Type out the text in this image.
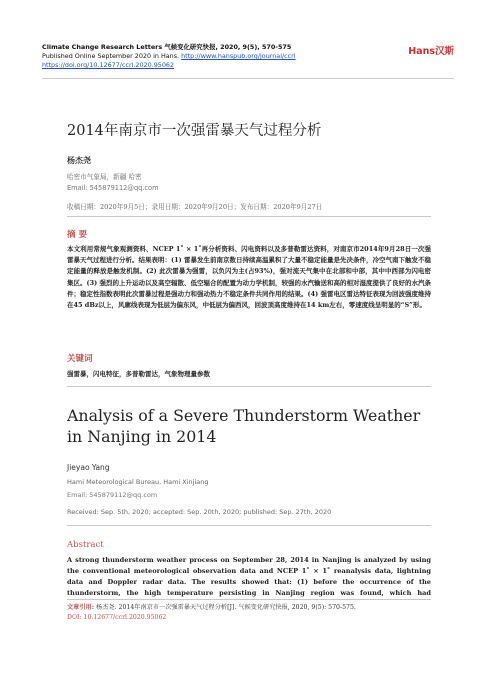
Climate Change Research Letters 气候变化研究快报, 2020, 9(5), 570-575
Published Online September 2020 in Hans. http://www.hanspub.org/journal/ccrl
https://doi.org/10.12677/ccrl.2020.95062
Hans汉斯
2014年南京市一次强雷暴天气过程分析
杨杰尧
哈密市气象局，新疆 哈密
Email: 545879112@qq.com
收稿日期：2020年9月5日；录用日期：2020年9月20日；发布日期：2020年9月27日
摘 要
本文利用常规气象观测资料、NCEP 1˚ × 1˚再分析资料、闪电资料以及多普勒雷达资料，对南京市2014年9月28日一次强雷暴天气过程进行分析。结果表明：(1) 雷暴发生前南京数日持续高温累积了大量不稳定能量是先决条件，冷空气南下触发不稳定能量的释放是触发机制。(2) 此次雷暴为强雷，以负闪为主(占93%)，强对流天气集中在北部和中部，其中中西部为闪电密集区。(3) 强烈的上升运动以及高空辐散、低空辐合的配置为动力学机制，较强的水汽输送和高的相对湿度提供了良好的水汽条件；稳定性指数表明此次雷暴过程是强动力和强动热力不稳定条件共同作用的结果。(4) 强雷电区雷达特征表现为回波强度维持在45 dBz以上，风廓线表现为低层为偏东风，中低层为偏西风，回波顶高度维持在14 km左右，零速度线呈明显的“S”形。
关键词
强雷暴，闪电特征，多普勒雷达，气象物理量参数
Analysis of a Severe Thunderstorm Weather in Nanjing in 2014
Jieyao Yang
Hami Meteorological Bureau, Hami Xinjiang
Email: 545879112@qq.com
Received: Sep. 5th, 2020; accepted: Sep. 20th, 2020; published: Sep. 27th, 2020
Abstract
A strong thunderstorm weather process on September 28, 2014 in Nanjing is analyzed by using the conventional meteorological observation data and NCEP 1˚ × 1˚ reanalysis data, lightning data and Doppler radar data. The results showed that: (1) before the occurrence of the thunderstorm, the high temperature persisting in Nanjing region was found, which had
文章引用: 杨杰尧. 2014年南京市一次强雷暴天气过程分析[J]. 气候变化研究快报, 2020, 9(5): 570-575.
DOI: 10.12677/ccrl.2020.95062
